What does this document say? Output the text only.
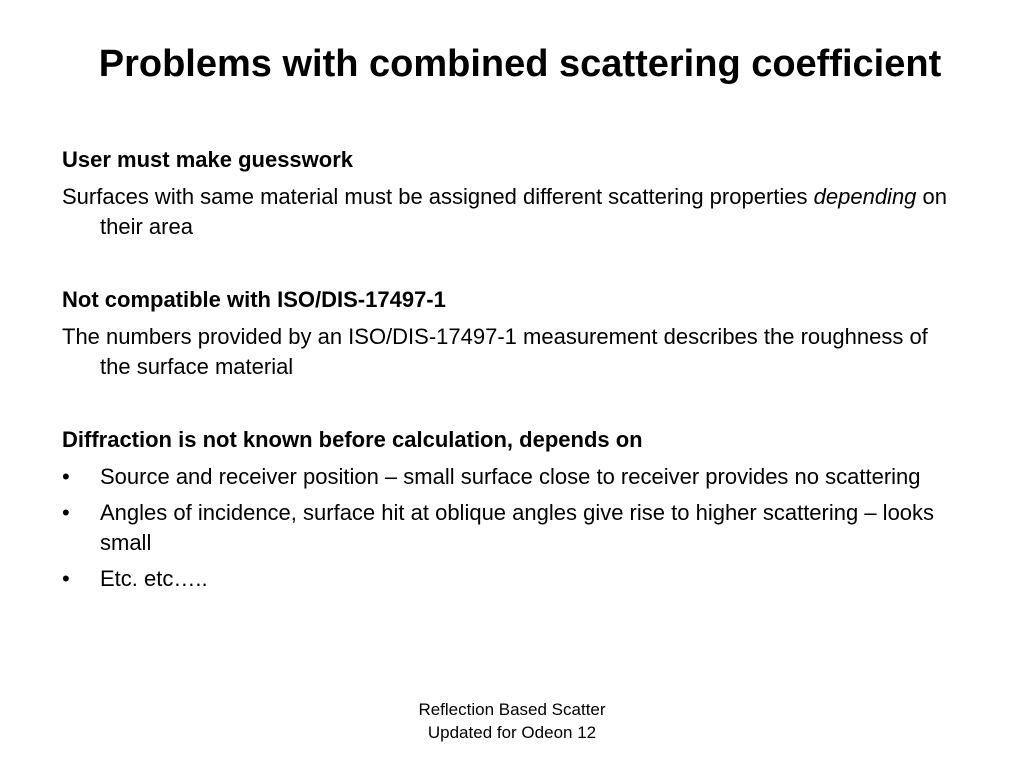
Problems with combined scattering coefficient
User must make guesswork
Surfaces with same material must be assigned different scattering properties depending on their area
Not compatible with ISO/DIS-17497-1
The numbers provided by an ISO/DIS-17497-1 measurement describes the roughness of the surface material
Diffraction is not known before calculation, depends on
•	Source and receiver position – small surface close to receiver provides no scattering
•	Angles of incidence, surface hit at oblique angles give rise to higher scattering – looks small
•	Etc. etc…..
Reflection Based Scatter
Updated for Odeon 12
